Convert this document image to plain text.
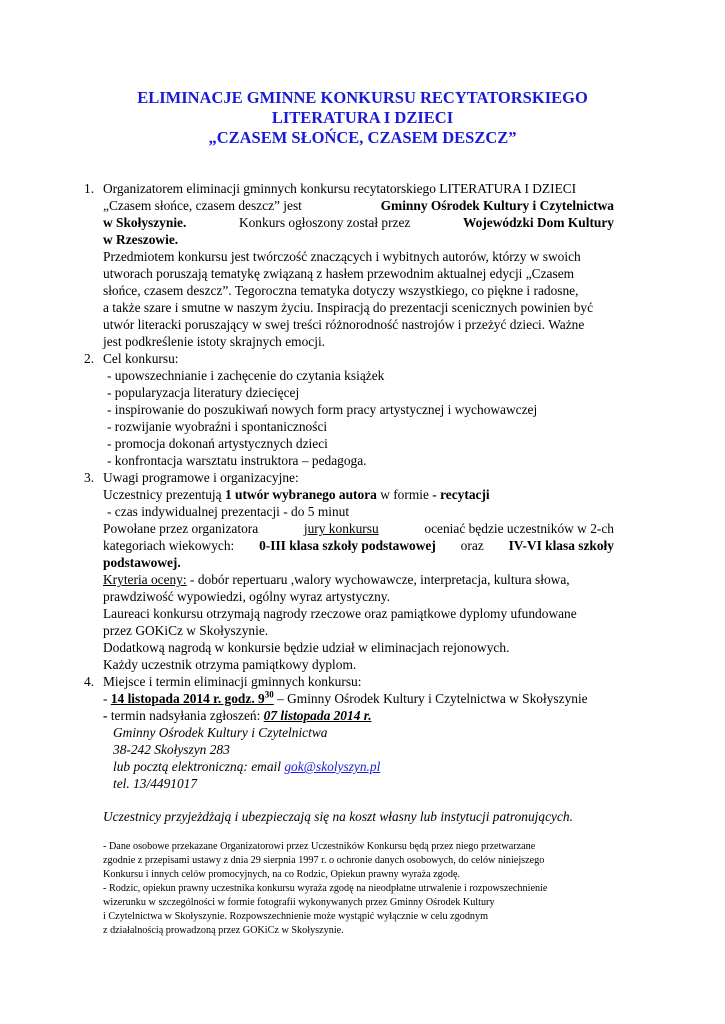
ELIMINACJE GMINNE KONKURSU RECYTATORSKIEGO
LITERATURA I DZIECI
„CZASEM SŁOŃCE, CZASEM DESZCZ”
1. Organizatorem eliminacji gminnych konkursu recytatorskiego LITERATURA I DZIECI
„Czasem słońce, czasem deszcz” jest	Gminny Ośrodek Kultury i Czytelnictwa
w Skołyszynie.	Konkurs ogłoszony został przez	Wojewódzki Dom Kultury
w Rzeszowie.
Przedmiotem konkursu jest twórczość znaczących i wybitnych autorów, którzy w swoich
utworach poruszają tematykę związaną z hasłem przewodnim aktualnej edycji „Czasem
słońce, czasem deszcz”. Tegoroczna tematyka dotyczy wszystkiego, co piękne i radosne,
a także szare i smutne w naszym życiu. Inspiracją do prezentacji scenicznych powinien być
utwór literacki poruszający w swej treści różnorodność nastrojów i przeżyć dzieci. Ważne
jest podkreślenie istoty skrajnych emocji.
2. Cel konkursu:
- upowszechnianie i zachęcenie do czytania książek
- popularyzacja literatury dziecięcej
- inspirowanie do poszukiwań nowych form pracy artystycznej i wychowawczej
- rozwijanie wyobraźni i spontaniczności
- promocja dokonań artystycznych dzieci
- konfrontacja warsztatu instruktora – pedagoga.
3. Uwagi programowe i organizacyjne:
Uczestnicy prezentują 1 utwór wybranego autora w formie - recytacji
- czas indywidualnej prezentacji - do 5 minut
Powołane przez organizatora	jury konkursu	oceniać będzie uczestników w 2-ch
kategoriach wiekowych: 0-III klasa szkoły podstawowej oraz IV-VI klasa szkoły
podstawowej.
Kryteria oceny: - dobór repertuaru ,walory wychowawcze, interpretacja, kultura słowa,
prawdziwość wypowiedzi, ogólny wyraz artystyczny.
Laureaci konkursu otrzymają nagrody rzeczowe oraz pamiątkowe dyplomy ufundowane
przez GOKiCz w Skołyszynie.
Dodatkową nagrodą w konkursie będzie udział w eliminacjach rejonowych.
Każdy uczestnik otrzyma pamiątkowy dyplom.
4. Miejsce i termin eliminacji gminnych konkursu:
- 14 listopada 2014 r. godz. $9^{30}$ – Gminny Ośrodek Kultury i Czytelnictwa w Skołyszynie
- termin nadsyłania zgłoszeń: 07 listopada 2014 r.
Gminny Ośrodek Kultury i Czytelnictwa
38-242 Skołyszyn 283
lub pocztą elektroniczną: email gok@skolyszyn.pl
tel. 13/4491017
Uczestnicy przyjeżdżają i ubezpieczają się na koszt własny lub instytucji patronujących.
- Dane osobowe przekazane Organizatorowi przez Uczestników Konkursu będą przez niego przetwarzane
zgodnie z przepisami ustawy z dnia 29 sierpnia 1997 r. o ochronie danych osobowych, do celów niniejszego
Konkursu i innych celów promocyjnych, na co Rodzic, Opiekun prawny wyraża zgodę.
- Rodzic, opiekun prawny uczestnika konkursu wyraża zgodę na nieodpłatne utrwalenie i rozpowszechnienie
wizerunku w szczególności w formie fotografii wykonywanych przez Gminny Ośrodek Kultury
i Czytelnictwa w Skołyszynie. Rozpowszechnienie może wystąpić wyłącznie w celu zgodnym
z działalnością prowadzoną przez GOKiCz w Skołyszynie.
